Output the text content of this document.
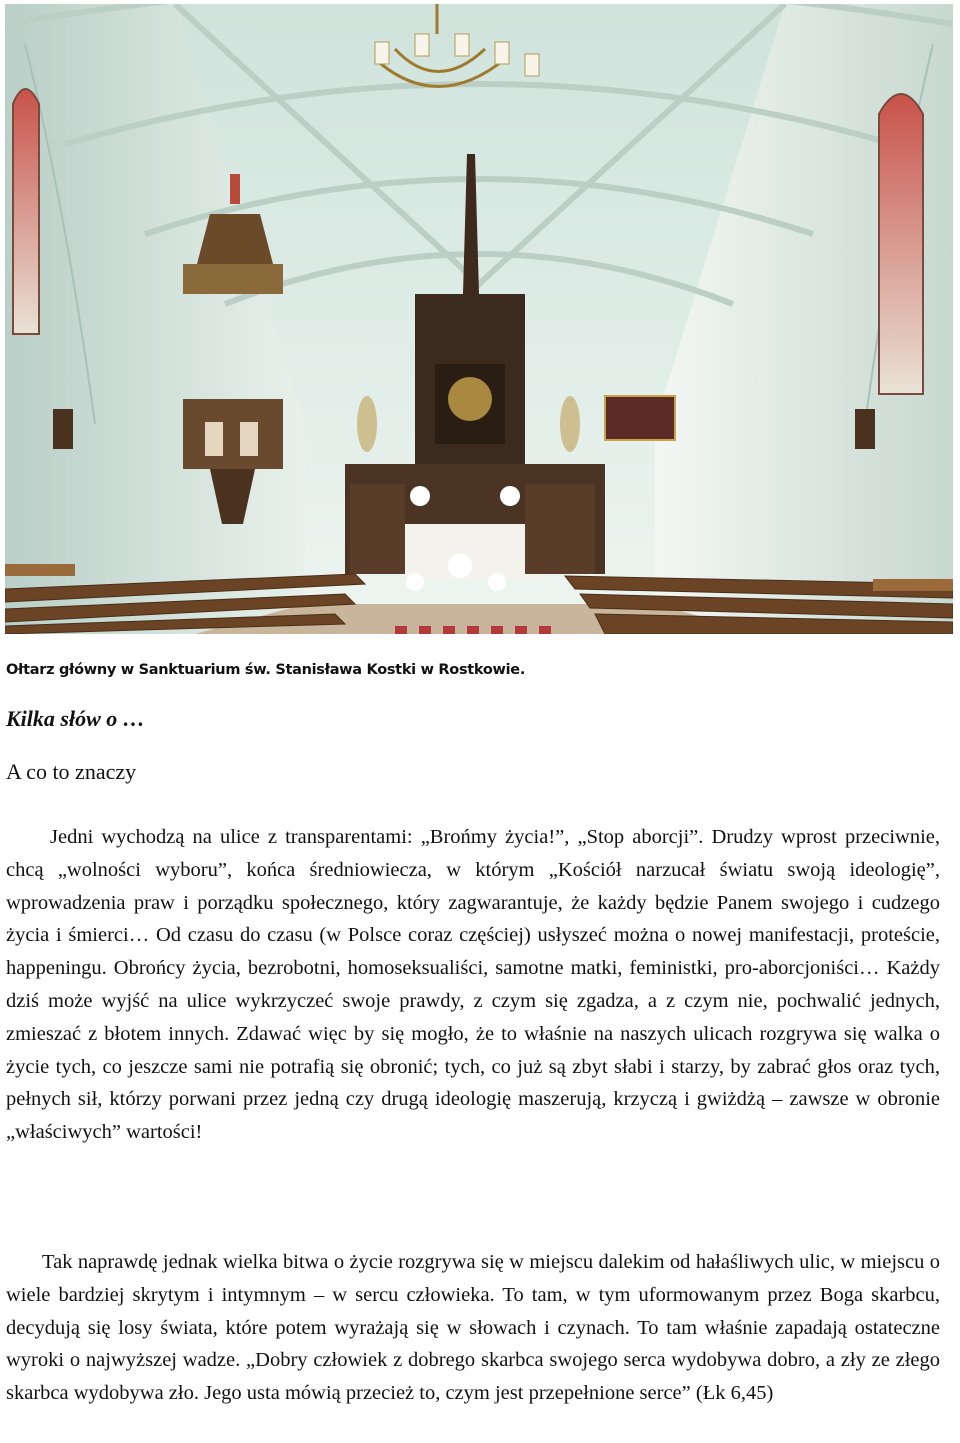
Ołtarz główny w Sanktuarium św. Stanisława Kostki w Rostkowie.
Kilka słów o …
A co to znaczy

Jedni wychodzą na ulice z transparentami: „Brońmy życia!”, „Stop aborcji”. Drudzy wprost przeciwnie, chcą „wolności wyboru”, końca średniowiecza, w którym „Kościół narzucał światu swoją ideologię”, wprowadzenia praw i porządku społecznego, który zagwarantuje, że każdy będzie Panem swojego i cudzego życia i śmierci… Od czasu do czasu (w Polsce coraz częściej) usłyszeć można o nowej manifestacji, proteście, happeningu. Obrońcy życia, bezrobotni, homoseksualiści, samotne matki, feministki, pro-aborcjoniści… Każdy dziś może wyjść na ulice wykrzyczeć swoje prawdy, z czym się zgadza, a z czym nie, pochwalić jednych, zmieszać z błotem innych. Zdawać więc by się mogło, że to właśnie na naszych ulicach rozgrywa się walka o życie tych, co jeszcze sami nie potrafią się obronić; tych, co już są zbyt słabi i starzy, by zabrać głos oraz tych, pełnych sił, którzy porwani przez jedną czy drugą ideologię maszerują, krzyczą i gwiżdżą – zawsze w obronie „właściwych” wartości!

Tak naprawdę jednak wielka bitwa o życie rozgrywa się w miejscu dalekim od hałaśliwych ulic, w miejscu o wiele bardziej skrytym i intymnym – w sercu człowieka. To tam, w tym uformowanym przez Boga skarbcu, decydują się losy świata, które potem wyrażają się w słowach i czynach. To tam właśnie zapadają ostateczne wyroki o najwyższej wadze. „Dobry człowiek z dobrego skarbca swojego serca wydobywa dobro, a zły ze złego skarbca wydobywa zło. Jego usta mówią przecież to, czym jest przepełnione serce” (Łk 6,45)
